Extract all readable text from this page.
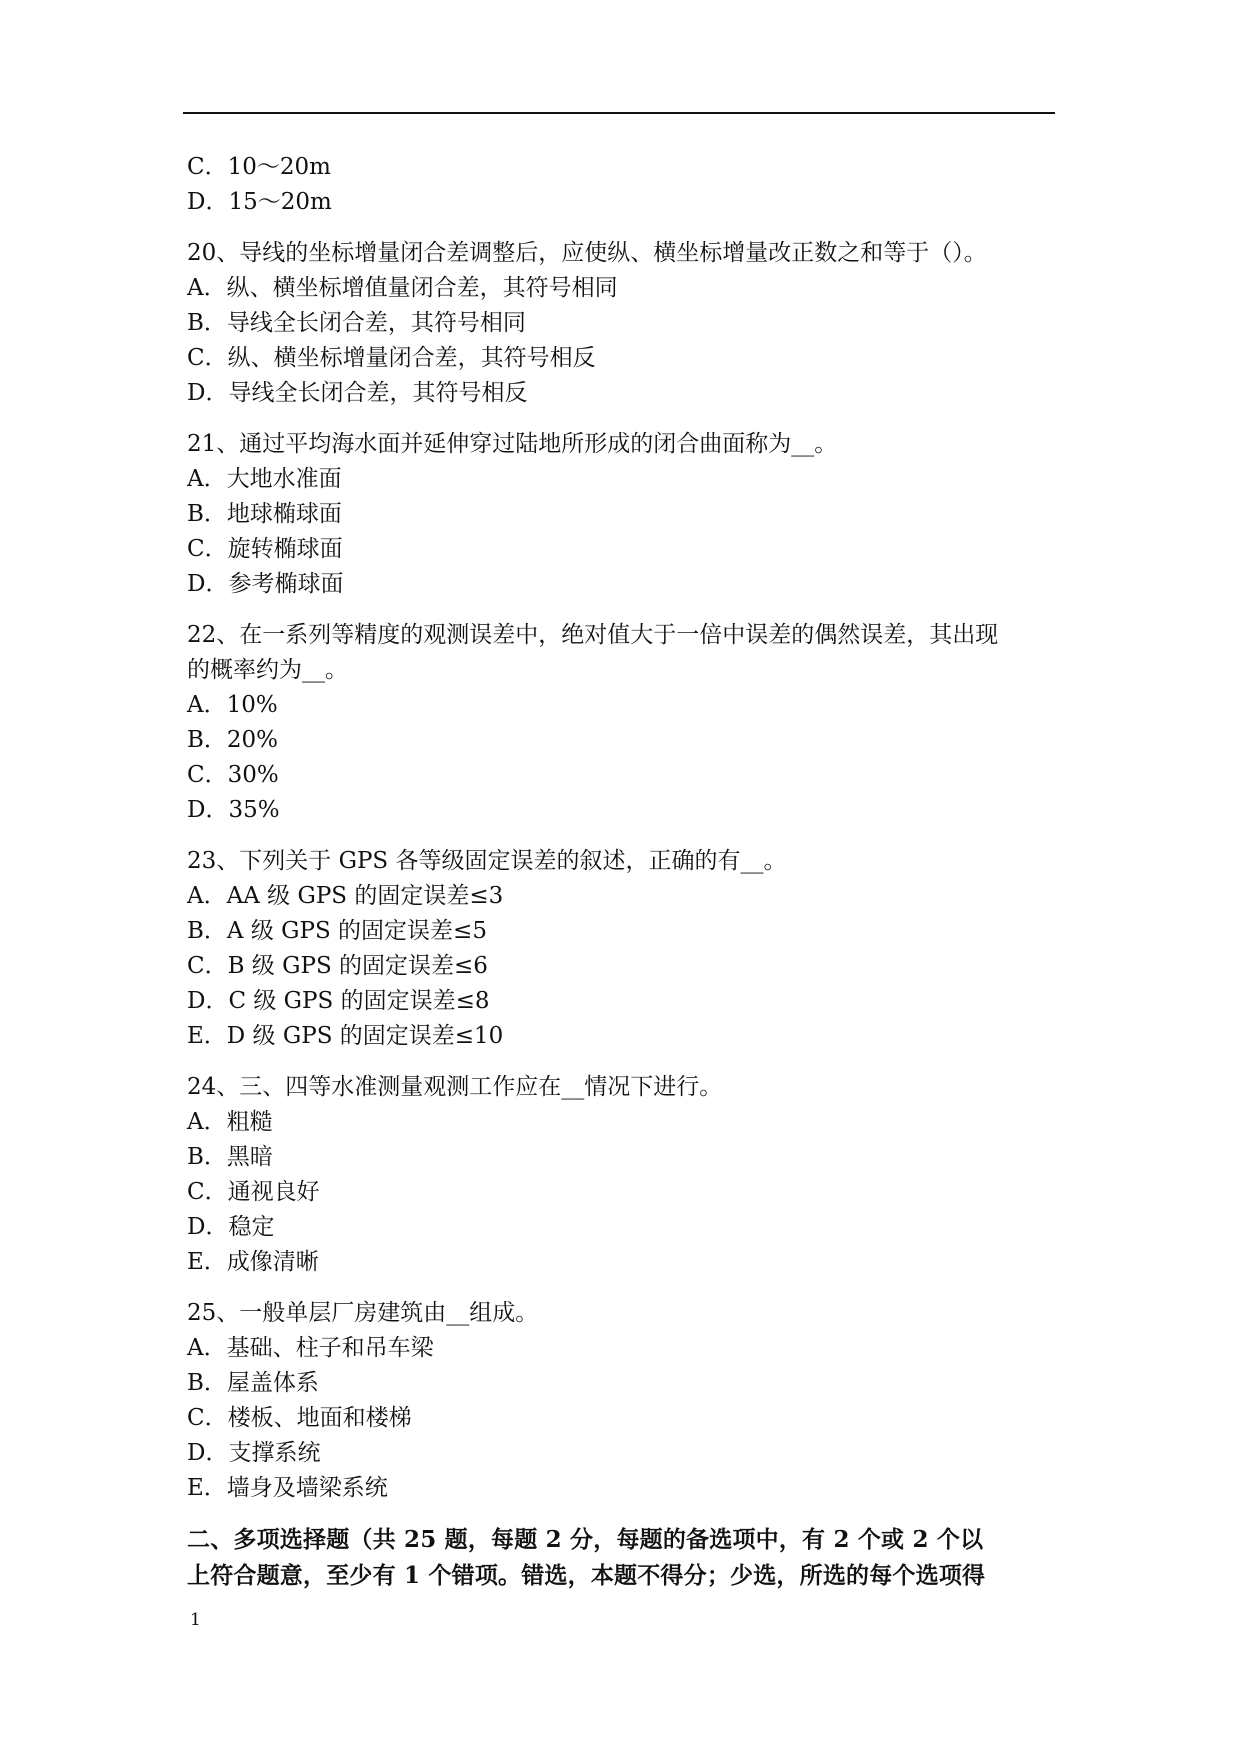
C．10～20m
D．15～20m
20、导线的坐标增量闭合差调整后，应使纵、横坐标增量改正数之和等于（）。
A．纵、横坐标增值量闭合差，其符号相同
B．导线全长闭合差，其符号相同
C．纵、横坐标增量闭合差，其符号相反
D．导线全长闭合差，其符号相反
21、通过平均海水面并延伸穿过陆地所形成的闭合曲面称为__。
A．大地水准面
B．地球椭球面
C．旋转椭球面
D．参考椭球面
22、在一系列等精度的观测误差中，绝对值大于一倍中误差的偶然误差，其出现
的概率约为__。
A．10%
B．20%
C．30%
D．35%
23、下列关于 GPS 各等级固定误差的叙述，正确的有__。
A．AA 级 GPS 的固定误差≤3
B．A 级 GPS 的固定误差≤5
C．B 级 GPS 的固定误差≤6
D．C 级 GPS 的固定误差≤8
E．D 级 GPS 的固定误差≤10
24、三、四等水准测量观测工作应在__情况下进行。
A．粗糙
B．黑暗
C．通视良好
D．稳定
E．成像清晰
25、一般单层厂房建筑由__组成。
A．基础、柱子和吊车梁
B．屋盖体系
C．楼板、地面和楼梯
D．支撑系统
E．墙身及墙梁系统
二、多项选择题（共 25 题，每题 2 分，每题的备选项中，有 2 个或 2 个以
上符合题意，至少有 1 个错项。错选，本题不得分；少选，所选的每个选项得
1
